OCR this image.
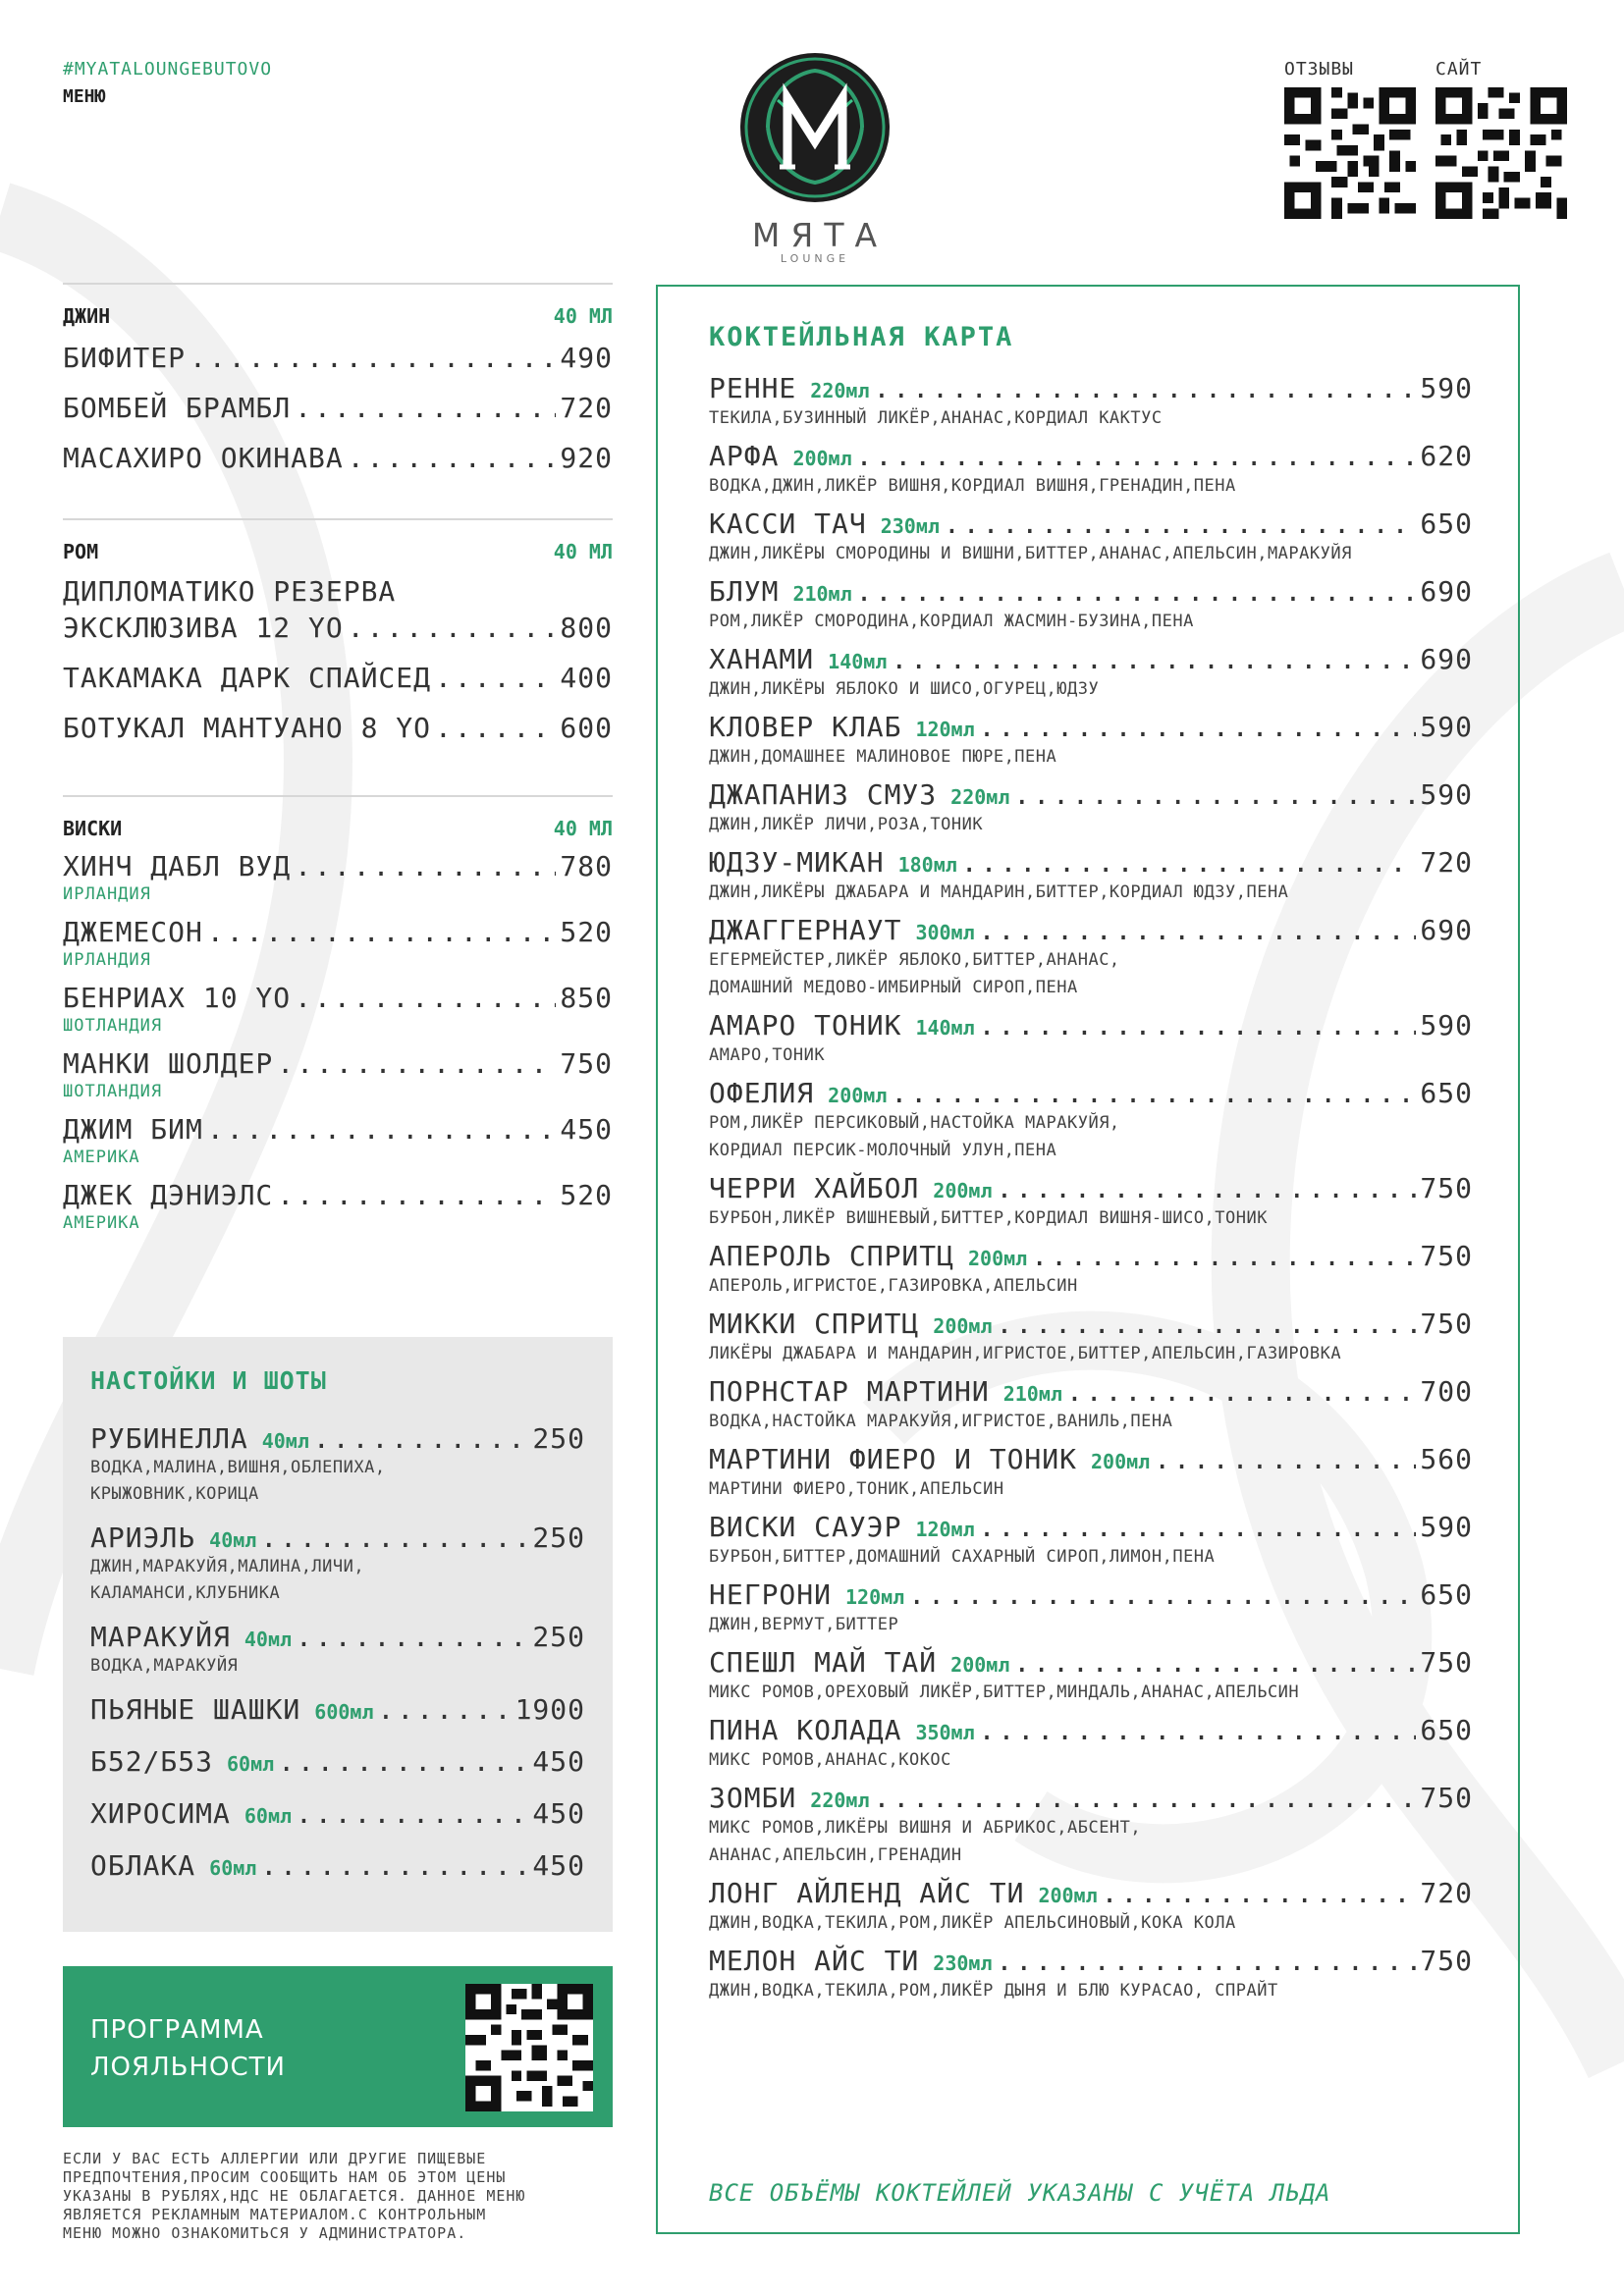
#MYATALOUNGEBUTOVO
МЕНЮ
МЯТА
LOUNGE
ОТЗЫВЫ	САЙТ
ДЖИН	40 МЛ
БИФИТЕР .....	490
БОМБЕЙ БРАМБЛ .....	720
МАСАХИРО ОКИНАВА .....	920
РОМ	40 МЛ
ДИПЛОМАТИКО РЕЗЕРВА
ЭКСКЛЮЗИВА 12 YO .....	800
ТАКАМАКА ДАРК СПАЙСЕД .....	400
БОТУКАЛ МАНТУАНО 8 YO .....	600
ВИСКИ	40 МЛ
ХИНЧ ДАБЛ ВУД .....	780
ИРЛАНДИЯ
ДЖЕМЕСОН .....	520
ИРЛАНДИЯ
БЕНРИАХ 10 YO .....	850
ШОТЛАНДИЯ
МАНКИ ШОЛДЕР .....	750
ШОТЛАНДИЯ
ДЖИМ БИМ .....	450
АМЕРИКА
ДЖЕК ДЭНИЭЛС .....	520
АМЕРИКА
НАСТОЙКИ И ШОТЫ
РУБИНЕЛЛА 40мл .....	250
ВОДКА,МАЛИНА,ВИШНЯ,ОБЛЕПИХА,
КРЫЖОВНИК,КОРИЦА
АРИЭЛЬ 40мл .....	250
ДЖИН,МАРАКУЙЯ,МАЛИНА,ЛИЧИ,
КАЛАМАНСИ,КЛУБНИКА
МАРАКУЙЯ 40мл .....	250
ВОДКА,МАРАКУЙЯ
ПЬЯНЫЕ ШАШКИ 600мл .....	1900
Б52/Б53 60мл .....	450
ХИРОСИМА 60мл .....	450
ОБЛАКА 60мл .....	450
ПРОГРАММА
ЛОЯЛЬНОСТИ
ЕСЛИ У ВАС ЕСТЬ АЛЛЕРГИИ ИЛИ ДРУГИЕ ПИЩЕВЫЕ
ПРЕДПОЧТЕНИЯ,ПРОСИМ СООБЩИТЬ НАМ ОБ ЭТОМ ЦЕНЫ
УКАЗАНЫ В РУБЛЯХ,НДС НЕ ОБЛАГАЕТСЯ. ДАННОЕ МЕНЮ
ЯВЛЯЕТСЯ РЕКЛАМНЫМ МАТЕРИАЛОМ.С КОНТРОЛЬНЫМ
МЕНЮ МОЖНО ОЗНАКОМИТЬСЯ У АДМИНИСТРАТОРА.
КОКТЕЙЛЬНАЯ КАРТА
РЕННЕ 220мл .....	590
ТЕКИЛА,БУЗИННЫЙ ЛИКЁР,АНАНАС,КОРДИАЛ КАКТУС
АРФА 200мл .....	620
ВОДКА,ДЖИН,ЛИКЁР ВИШНЯ,КОРДИАЛ ВИШНЯ,ГРЕНАДИН,ПЕНА
КАССИ ТАЧ 230мл .....	650
ДЖИН,ЛИКЁРЫ СМОРОДИНЫ И ВИШНИ,БИТТЕР,АНАНАС,АПЕЛЬСИН,МАРАКУЙЯ
БЛУМ 210мл .....	690
РОМ,ЛИКЁР СМОРОДИНА,КОРДИАЛ ЖАСМИН-БУЗИНА,ПЕНА
ХАНАМИ 140мл .....	690
ДЖИН,ЛИКЁРЫ ЯБЛОКО И ШИСО,ОГУРЕЦ,ЮДЗУ
КЛОВЕР КЛАБ 120мл .....	590
ДЖИН,ДОМАШНЕЕ МАЛИНОВОЕ ПЮРЕ,ПЕНА
ДЖАПАНИЗ СМУЗ 220мл .....	590
ДЖИН,ЛИКЁР ЛИЧИ,РОЗА,ТОНИК
ЮДЗУ-МИКАН 180мл .....	720
ДЖИН,ЛИКЁРЫ ДЖАБАРА И МАНДАРИН,БИТТЕР,КОРДИАЛ ЮДЗУ,ПЕНА
ДЖАГГЕРНАУТ 300мл .....	690
ЕГЕРМЕЙСТЕР,ЛИКЁР ЯБЛОКО,БИТТЕР,АНАНАС,
ДОМАШНИЙ МЕДОВО-ИМБИРНЫЙ СИРОП,ПЕНА
АМАРО ТОНИК 140мл .....	590
АМАРО,ТОНИК
ОФЕЛИЯ 200мл .....	650
РОМ,ЛИКЁР ПЕРСИКОВЫЙ,НАСТОЙКА МАРАКУЙЯ,
КОРДИАЛ ПЕРСИК-МОЛОЧНЫЙ УЛУН,ПЕНА
ЧЕРРИ ХАЙБОЛ 200мл .....	750
БУРБОН,ЛИКЁР ВИШНЕВЫЙ,БИТТЕР,КОРДИАЛ ВИШНЯ-ШИСО,ТОНИК
АПЕРОЛЬ СПРИТЦ 200мл .....	750
АПЕРОЛЬ,ИГРИСТОЕ,ГАЗИРОВКА,АПЕЛЬСИН
МИККИ СПРИТЦ 200мл .....	750
ЛИКЁРЫ ДЖАБАРА И МАНДАРИН,ИГРИСТОЕ,БИТТЕР,АПЕЛЬСИН,ГАЗИРОВКА
ПОРНСТАР МАРТИНИ 210мл .....	700
ВОДКА,НАСТОЙКА МАРАКУЙЯ,ИГРИСТОЕ,ВАНИЛЬ,ПЕНА
МАРТИНИ ФИЕРО И ТОНИК 200мл .....	560
МАРТИНИ ФИЕРО,ТОНИК,АПЕЛЬСИН
ВИСКИ САУЭР 120мл .....	590
БУРБОН,БИТТЕР,ДОМАШНИЙ САХАРНЫЙ СИРОП,ЛИМОН,ПЕНА
НЕГРОНИ 120мл .....	650
ДЖИН,ВЕРМУТ,БИТТЕР
СПЕШЛ МАЙ ТАЙ 200мл .....	750
МИКС РОМОВ,ОРЕХОВЫЙ ЛИКЁР,БИТТЕР,МИНДАЛЬ,АНАНАС,АПЕЛЬСИН
ПИНА КОЛАДА 350мл .....	650
МИКС РОМОВ,АНАНАС,КОКОС
ЗОМБИ 220мл .....	750
МИКС РОМОВ,ЛИКЁРЫ ВИШНЯ И АБРИКОС,АБСЕНТ,
АНАНАС,АПЕЛЬСИН,ГРЕНАДИН
ЛОНГ АЙЛЕНД АЙС ТИ 200мл .....	720
ДЖИН,ВОДКА,ТЕКИЛА,РОМ,ЛИКЁР АПЕЛЬСИНОВЫЙ,КОКА КОЛА
МЕЛОН АЙС ТИ 230мл .....	750
ДЖИН,ВОДКА,ТЕКИЛА,РОМ,ЛИКЁР ДЫНЯ И БЛЮ КУРАСАО, СПРАЙТ
ВСЕ ОБЪЁМЫ КОКТЕЙЛЕЙ УКАЗАНЫ С УЧЁТА ЛЬДА
